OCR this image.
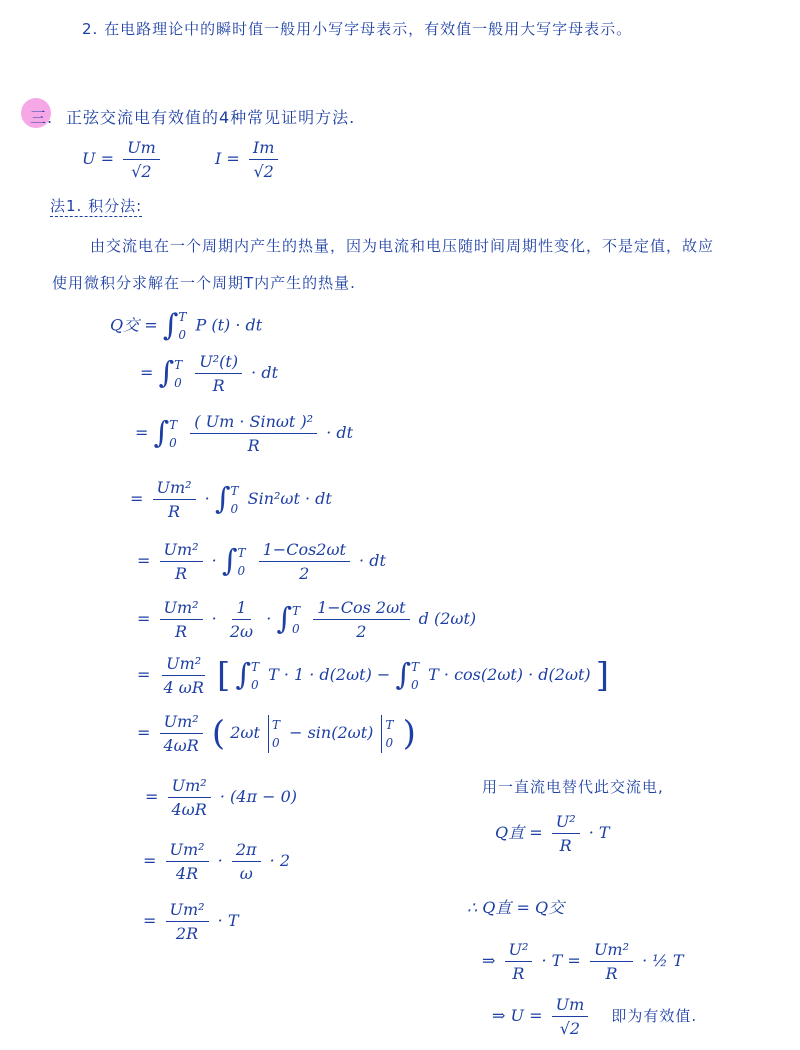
2. 在电路理论中的瞬时值一般用小写字母表示，有效值一般用大写字母表示。
三. 正弦交流电有效值的4种常见证明方法.
$U = \frac{Um}{√2}$	$I = \frac{Im}{√2}$
法1. 积分法:
由交流电在一个周期内产生的热量，因为电流和电压随时间周期性变化，不是定值，故应
使用微积分求解在一个周期T内产生的热量.
Q交 = ∫ T
0
P (t) · dt
= ∫ T
0
$\frac{\text{U²(t)}}{R}$ · dt
= ∫ T
0
$\frac{\text{( Um · Sinωt )²}}{R}$ · dt
= $\frac{\text{Um²}}{R}$ · ∫ T
0
Sin²ωt · dt
= $\frac{\text{Um²}}{R}$ · ∫ T
0
$\frac{\text{1−Cos2ωt}}{2}$ · dt
= $\frac{\text{Um²}}{R} \cdot \frac{1}{2\omega}$ · ∫ T
0
$\frac{\text{1−Cos 2ωt}}{2}$ d (2ωt)
= $\frac{\text{Um²}}{4 \omega R}$ [ ∫ T
0
T · 1 · d(2ωt) − ∫ T
0
T · cos(2ωt) · d(2ωt) ]
= $\frac{\text{Um²}}{4\omega R}$ ( 2ωt T
0
− sin(2ωt) T
0 )
= $\frac{\text{Um²}}{4\omega R} \cdot (4\pi - 0)$
= $\frac{\text{Um²}}{4R} \cdot \frac{2\pi}{\omega} \cdot 2$
= $\frac{\text{Um²}}{2R} \cdot T$
用一直流电替代此交流电,
Q直 = $\frac{\text{U²}}{R} \cdot T$
∴ Q直 = Q交
⇒ $\frac{\text{U²}}{R} \cdot T = \frac{\text{Um²}}{R}$ · ½ T
⇒ $U = \frac{Um}{√2}$ 即为有效值.
